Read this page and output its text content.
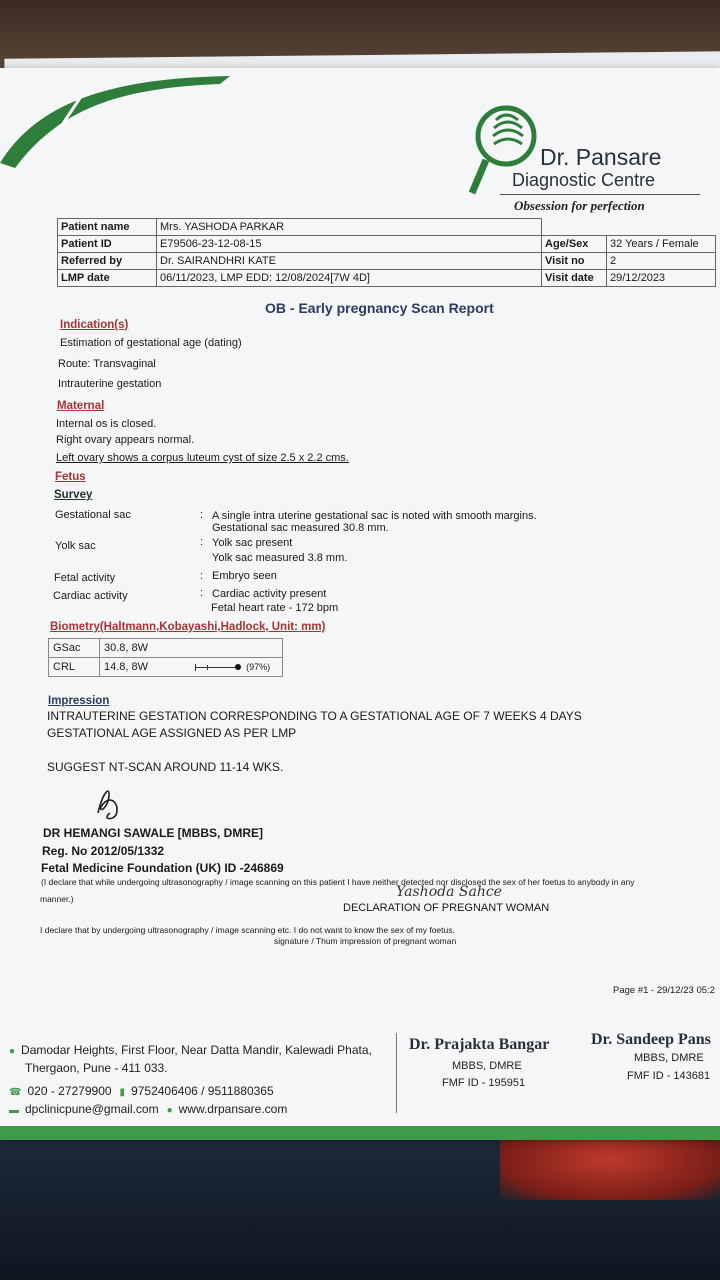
Dr. Pansare
Diagnostic Centre
Obsession for perfection
Patient name	Mrs. YASHODA PARKAR		
Patient ID	E79506-23-12-08-15	Age/Sex	32 Years / Female
Referred by	Dr. SAIRANDHRI KATE	Visit no	2
LMP date	06/11/2023, LMP EDD: 12/08/2024[7W 4D]	Visit date	29/12/2023
OB - Early pregnancy Scan Report
Indication(s)
Estimation of gestational age (dating)
Route: Transvaginal
Intrauterine gestation
Maternal
Internal os is closed.
Right ovary appears normal.
Left ovary shows a corpus luteum cyst of size 2.5 x 2.2 cms.
Fetus
Survey
Gestational sac	: A single intra uterine gestational sac is noted with smooth margins.
Gestational sac measured 30.8 mm.
Yolk sac	: Yolk sac present
Yolk sac measured 3.8 mm.
Fetal activity	: Embryo seen
Cardiac activity	: Cardiac activity present
Fetal heart rate - 172 bpm
Biometry(Haltmann,Kobayashi,Hadlock, Unit: mm)
GSac	30.8, 8W
CRL	14.8, 8W (97%)
Impression
INTRAUTERINE GESTATION CORRESPONDING TO A GESTATIONAL AGE OF 7 WEEKS 4 DAYS
GESTATIONAL AGE ASSIGNED AS PER LMP
SUGGEST NT-SCAN AROUND 11-14 WKS.
DR HEMANGI SAWALE [MBBS, DMRE]
Reg. No 2012/05/1332
Fetal Medicine Foundation (UK) ID -246869
(I declare that while undergoing ultrasonography / image scanning on this patient I have neither detected nor disclosed the sex of her foetus to anybody in any
manner.)	Yashoda Sahce
DECLARATION OF PREGNANT WOMAN
I declare that by undergoing ultrasonography / image scanning etc. I do not want to know the sex of my foetus.
signature / Thum impression of pregnant woman
Page #1 - 29/12/23 05:2
● Damodar Heights, First Floor, Near Datta Mandir, Kalewadi Phata,
Thergaon, Pune - 411 033.
☎ 020 - 27279900 ▮ 9752406406 / 9511880365
▬ dpclinicpune@gmail.com ● www.drpansare.com
Dr. Prajakta Bangar
MBBS, DMRE
FMF ID - 195951
Dr. Sandeep Pans
MBBS, DMRE
FMF ID - 143681
